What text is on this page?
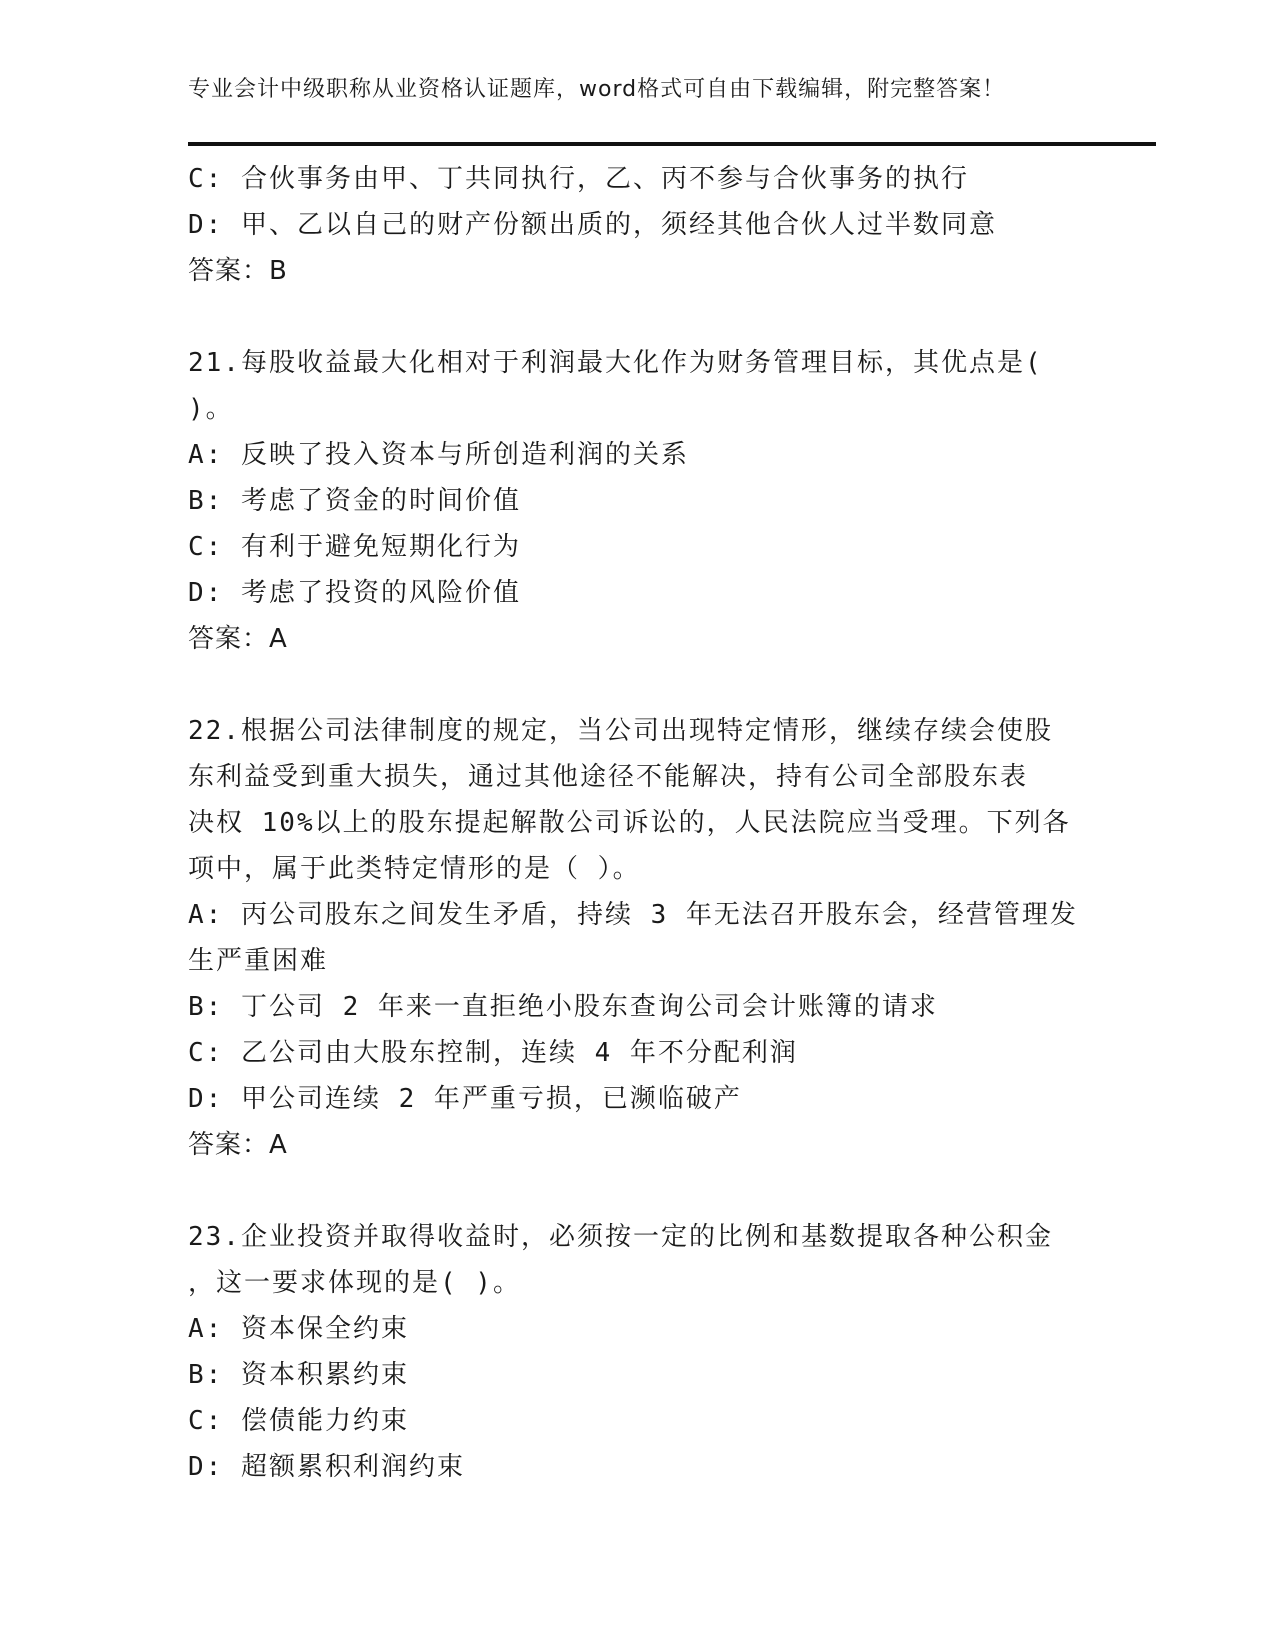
专业会计中级职称从业资格认证题库，word格式可自由下载编辑，附完整答案！
C: 合伙事务由甲、丁共同执行，乙、丙不参与合伙事务的执行
D: 甲、乙以自己的财产份额出质的，须经其他合伙人过半数同意
答案：B
21.每股收益最大化相对于利润最大化作为财务管理目标，其优点是(
)。
A: 反映了投入资本与所创造利润的关系
B: 考虑了资金的时间价值
C: 有利于避免短期化行为
D: 考虑了投资的风险价值
答案：A
22.根据公司法律制度的规定，当公司出现特定情形，继续存续会使股
东利益受到重大损失，通过其他途径不能解决，持有公司全部股东表
决权 10%以上的股东提起解散公司诉讼的，人民法院应当受理。下列各
项中，属于此类特定情形的是（ ）。
A: 丙公司股东之间发生矛盾，持续 3 年无法召开股东会，经营管理发
生严重困难
B: 丁公司 2 年来一直拒绝小股东查询公司会计账簿的请求
C: 乙公司由大股东控制，连续 4 年不分配利润
D: 甲公司连续 2 年严重亏损，已濒临破产
答案：A
23.企业投资并取得收益时，必须按一定的比例和基数提取各种公积金
，这一要求体现的是( )。
A: 资本保全约束
B: 资本积累约束
C: 偿债能力约束
D: 超额累积利润约束
